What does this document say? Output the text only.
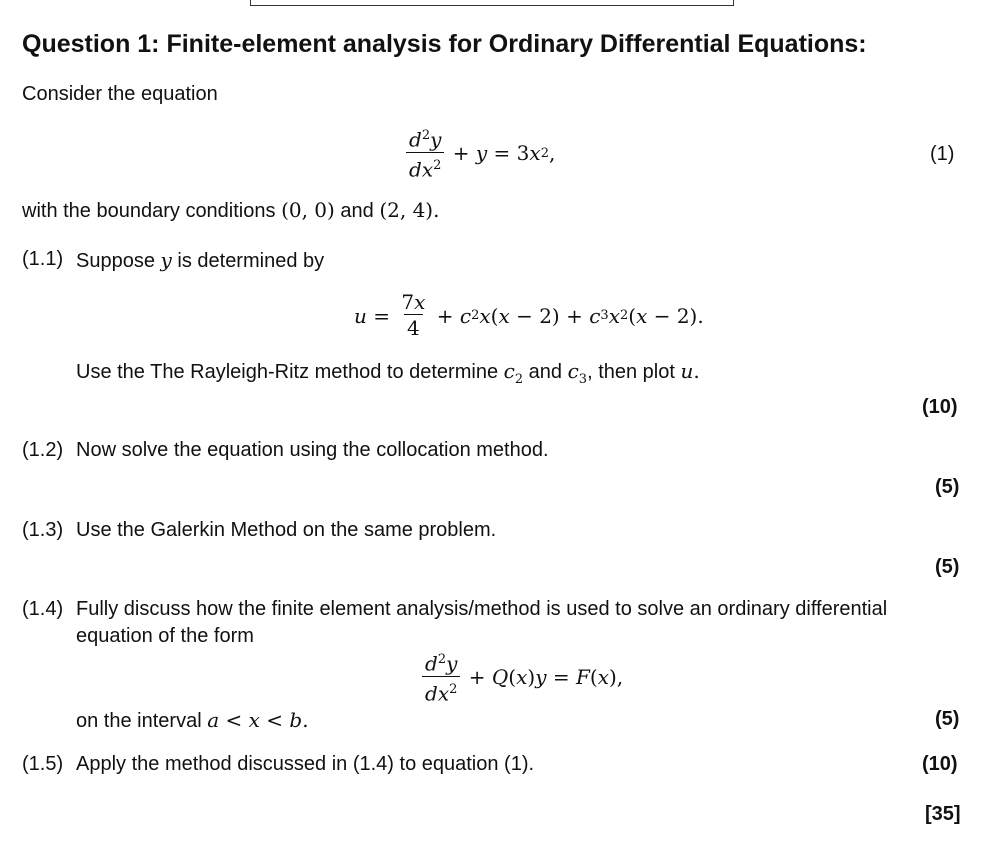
Question 1: Finite-element analysis for Ordinary Differential Equations:
Consider the equation
$\frac{d^2y}{dx^2} + y = 3$ x 2 ,	(1)
with the boundary conditions (0, 0) and (2, 4).
(1.1) Suppose y is determined by
$u = \frac{7x}{4} + c$ 2 x ( x − 2) + c 3 x 2 ( x − 2).
Use the The Rayleigh-Ritz method to determine $c_2$ and $c_3$, then plot u.
(10)
(1.2) Now solve the equation using the collocation method.
(5)
(1.3) Use the Galerkin Method on the same problem.
(5)
(1.4) Fully discuss how the finite element analysis/method is used to solve an ordinary differential
equation of the form
$\frac{d^2y}{dx^2} + Q$ ( x ) y = F ( x ),
on the interval a < x < b.	(5)
(1.5) Apply the method discussed in (1.4) to equation (1).	(10)
[35]
